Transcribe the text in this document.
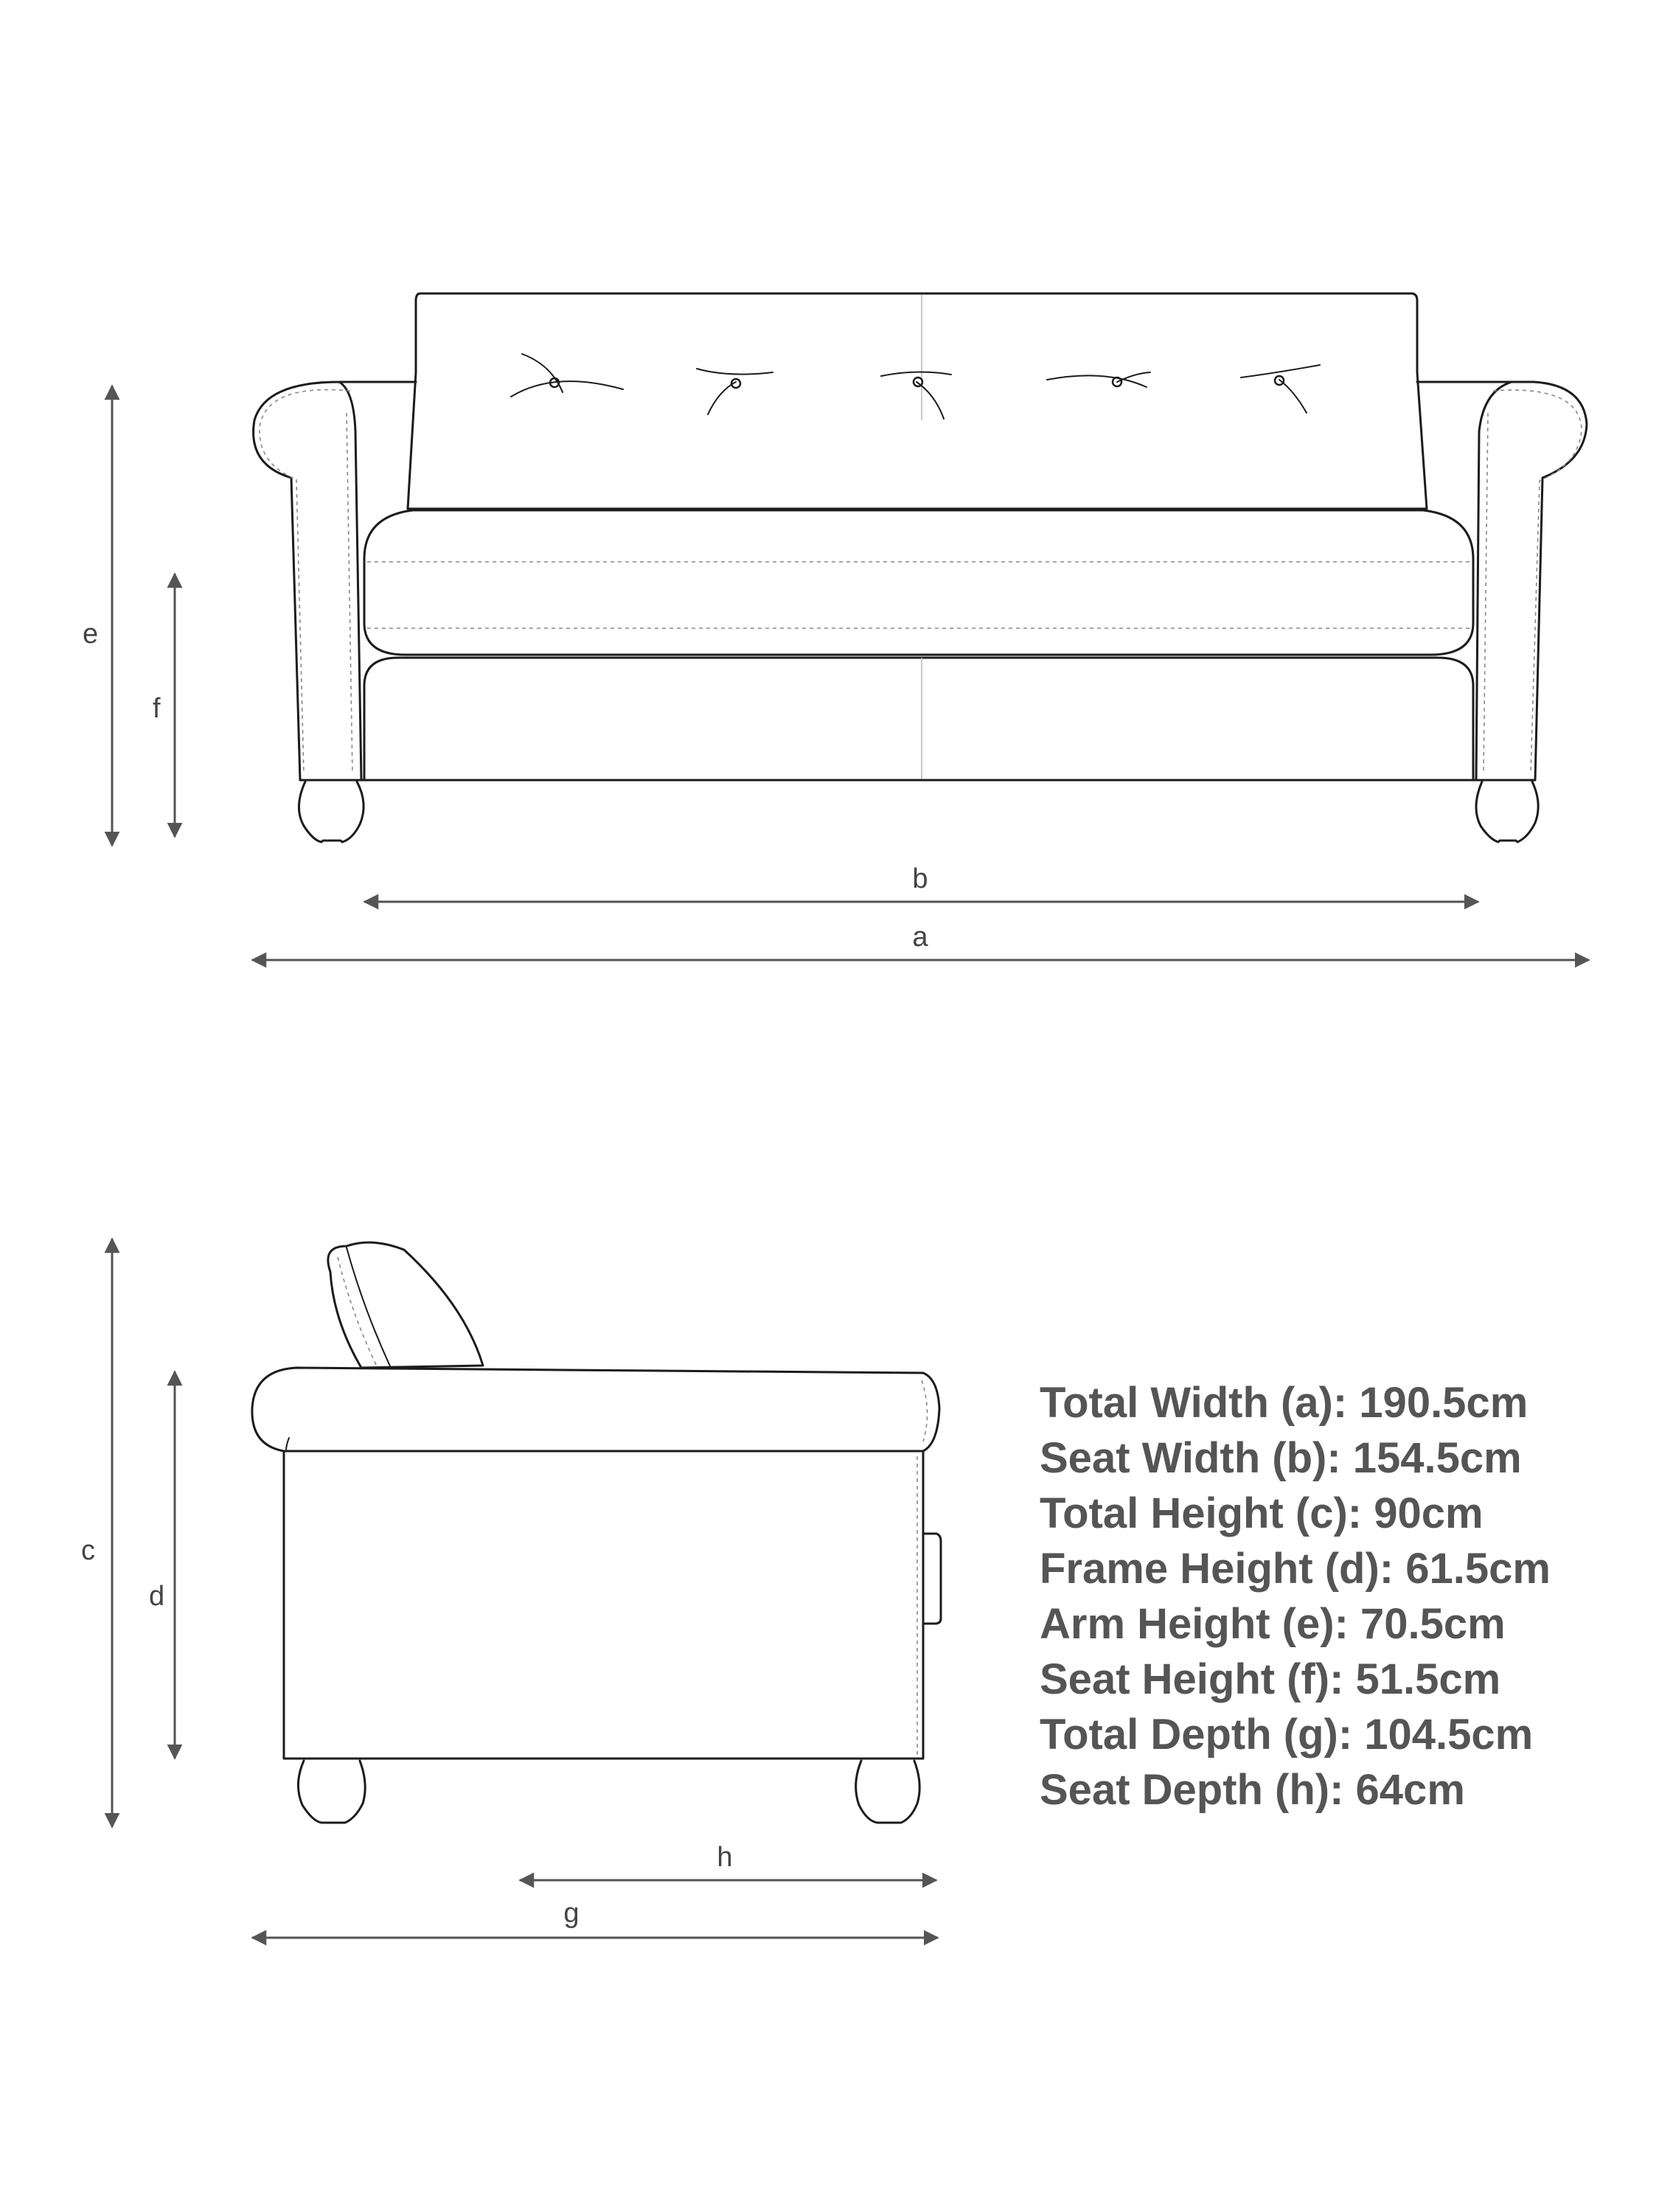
e
f
b
a
c
d
h
g
Total Width (a): 190.5cm
Seat Width (b): 154.5cm
Total Height (c): 90cm
Frame Height (d): 61.5cm
Arm Height (e): 70.5cm
Seat Height (f): 51.5cm
Total Depth (g): 104.5cm
Seat Depth (h): 64cm
